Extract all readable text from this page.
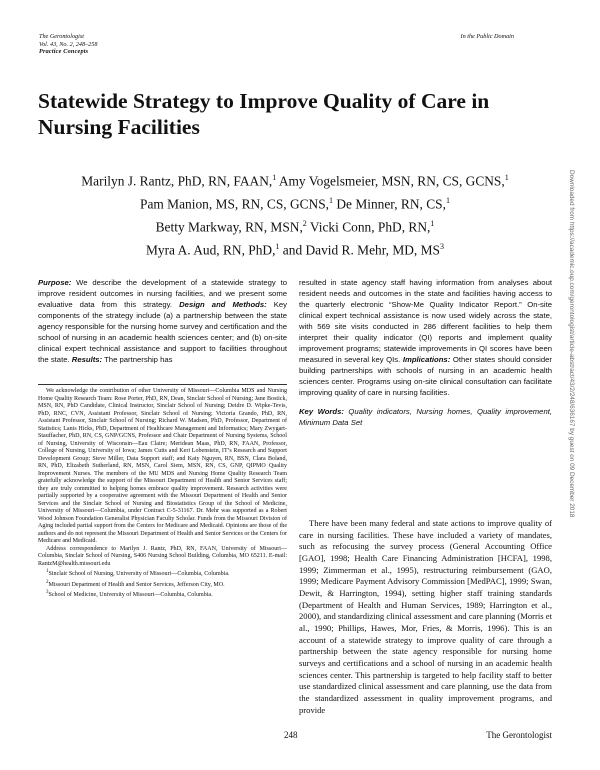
The Gerontologist
Vol. 43, No. 2, 248–258
Practice Concepts
In the Public Domain
Statewide Strategy to Improve Quality of Care in Nursing Facilities
Marilyn J. Rantz, PhD, RN, FAAN,$^1$ Amy Vogelsmeier, MSN, RN, CS, GCNS,$^1$
Pam Manion, MS, RN, CS, GCNS,$^1$ De Minner, RN, CS,$^1$
Betty Markway, RN, MSN,$^2$ Vicki Conn, PhD, RN,$^1$
Myra A. Aud, RN, PhD,$^1$ and David R. Mehr, MD, $MS^3$
Purpose: We describe the development of a statewide strategy to improve resident outcomes in nursing facilities, and we present some evaluative data from this strategy. Design and Methods: Key components of the strategy include (a) a partnership between the state agency responsible for the nursing home survey and certification and the school of nursing in an academic health sciences center; and (b) on-site clinical expert technical assistance and support to facilities throughout the state. Results: The partnership has
resulted in state agency staff having information from analyses about resident needs and outcomes in the state and facilities having access to the quarterly electronic “Show-Me Quality Indicator Report.” On-site clinical expert technical assistance is now used widely across the state, with 569 site visits conducted in 286 different facilities to help them interpret their quality indicator (QI) reports and implement quality improvement programs; statewide improvements in QI scores have been measured in several key QIs. Implications: Other states should consider building partnerships with schools of nursing in an academic health sciences center. Programs using on-site clinical consultation can facilitate improving quality of care in nursing facilities.
Key Words: Quality indicators, Nursing homes, Quality improvement, Minimum Data Set

We acknowledge the contribution of other University of Missouri—Columbia MDS and Nursing Home Quality Research Team: Rose Porter, PhD, RN, Dean, Sinclair School of Nursing; Jane Bostick, MSN, RN, PhD Candidate, Clinical Instructor, Sinclair School of Nursing; Deidre D. Wipke-Tevis, PhD, RNC, CVN, Assistant Professor, Sinclair School of Nursing; Victoria Grando, PhD, RN, Assistant Professor, Sinclair School of Nursing; Richard W. Madsen, PhD, Professor, Department of Statistics; Lanis Hicks, PhD, Department of Healthcare Management and Informatics; Mary Zwygart-Stauffacher, PhD, RN, CS, GNP/GCNS, Professor and Chair Department of Nursing Systems, School of Nursing, University of Wisconsin—Eau Claire; Meridean Maas, PhD, RN, FAAN, Professor, College of Nursing, University of Iowa; James Cutts and Keri Lobenstein, IT’s Research and Support Development Group; Steve Miller, Data Support staff; and Katy Nguyen, RN, BSN, Clara Boland, RN, PhD, Elizabeth Sutherland, RN, MSN, Carol Siem, MSN, RN, CS, GNP, QIPMO Quality Improvement Nurses. The members of the MU MDS and Nursing Home Quality Research Team gratefully acknowledge the support of the Missouri Department of Health and Senior Services staff; they are truly committed to helping homes embrace quality improvement. Research activities were partially supported by a cooperative agreement with the Missouri Department of Health and Senior Services and the Sinclair School of Nursing and Biostatistics Group of the School of Medicine, University of Missouri—Columbia, under Contract C-5-31167. Dr. Mehr was supported as a Robert Wood Johnson Foundation Generalist Physician Faculty Scholar. Funds from the Missouri Division of Aging included partial support from the Centers for Medicare and Medicaid. Opinions are those of the authors and do not represent the Missouri Department of Health and Senior Services or the Centers for Medicare and Medicaid.

Address correspondence to Marilyn J. Rantz, PhD, RN, FAAN, University of Missouri—Columbia, Sinclair School of Nursing, S406 Nursing School Building, Columbia, MO 65211. E-mail: RantzM@health.missouri.edu

$^1$Sinclair School of Nursing, University of Missouri—Columbia, Columbia.

$^2$Missouri Department of Health and Senior Services, Jefferson City, MO.

$^3$School of Medicine, University of Missouri—Columbia, Columbia.

There have been many federal and state actions to improve quality of care in nursing facilities. These have included a variety of mandates, such as refocusing the survey process (General Accounting Office [GAO], 1998; Health Care Financing Administration [HCFA], 1998, 1999; Zimmerman et al., 1995), restructuring reimbursement (GAO, 1999; Medicare Payment Advisory Commission [MedPAC], 1999; Swan, Dewit, & Harrington, 1994), setting higher staff training standards (Department of Health and Human Services, 1989; Harrington et al., 2000), and standardizing clinical assessment and care planning (Morris et al., 1990; Phillips, Hawes, Mor, Fries, & Morris, 1996). This is an account of a statewide strategy to improve quality of care through a partnership between the state agency responsible for nursing home surveys and certifications and a school of nursing in an academic health sciences center. This partnership is targeted to help facility staff to better use standardized clinical assessment and care planning, use the data from the standardized assessment in quality improvement programs, and provide

248	The Gerontologist
Downloaded from https://academic.oup.com/gerontologist/article-abstract/43/2/248/636167 by guest on 09 December 2018
